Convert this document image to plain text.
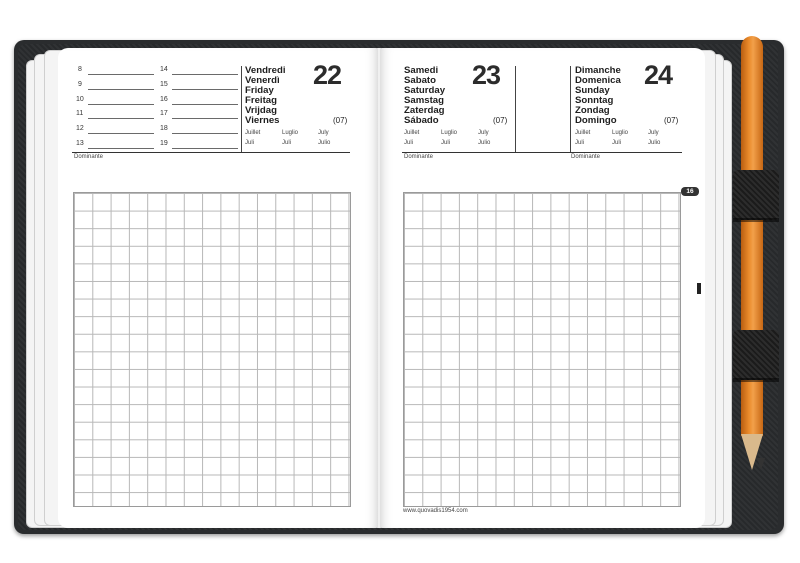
8
9
10
11
12
13
14
15
16
17
18
19
Vendredi
Venerdì
Friday
Freitag
Vrijdag
Viernes
22
(07)
Juillet	Luglio	July
Juli	Juli	Julio
Dominante
Samedi
Sabato
Saturday
Samstag
Zaterdag
Sábado
23
(07)
Juillet	Luglio	July
Juli	Juli	Julio
Dimanche
Domenica
Sunday
Sonntag
Zondag
Domingo
24
(07)
Juillet	Luglio	July
Juli	Juli	Julio
Dominante	Dominante
16
www.quovadis1954.com
